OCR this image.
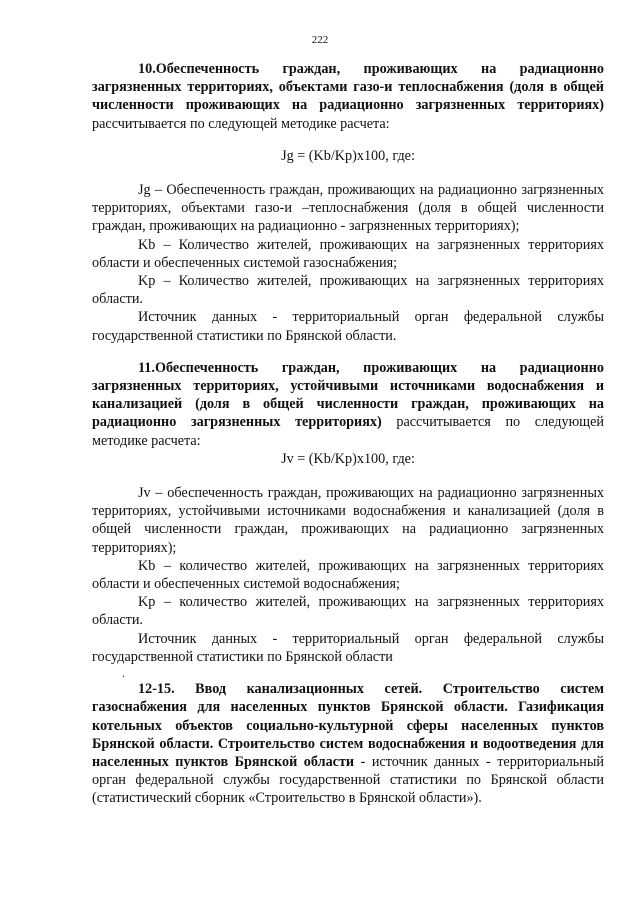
222

10.Обеспеченность граждан, проживающих на радиационно загрязненных территориях, объектами газо-и теплоснабжения (доля в общей численности проживающих на радиационно загрязненных территориях) рассчитывается по следующей методике расчета:

Jg = (Kb/Kp)x100, где:

Jg – Обеспеченность граждан, проживающих на радиационно загрязненных территориях, объектами газо-и –теплоснабжения (доля в общей численности граждан, проживающих на радиационно - загрязненных территориях);

Kb – Количество жителей, проживающих на загрязненных территориях области и обеспеченных системой газоснабжения;

Kp – Количество жителей, проживающих на загрязненных территориях области.

Источник данных - территориальный орган федеральной службы государственной статистики по Брянской области.

11.Обеспеченность граждан, проживающих на радиационно загрязненных территориях, устойчивыми источниками водоснабжения и канализацией (доля в общей численности граждан, проживающих на радиационно загрязненных территориях) рассчитывается по следующей методике расчета:

Jv = (Kb/Kp)x100, где:

Jv – обеспеченность граждан, проживающих на радиационно загрязненных территориях, устойчивыми источниками водоснабжения и канализацией (доля в общей численности граждан, проживающих на радиационно загрязненных территориях);

Kb – количество жителей, проживающих на загрязненных территориях области и обеспеченных системой водоснабжения;

Kp – количество жителей, проживающих на загрязненных территориях области.

Источник данных - территориальный орган федеральной службы государственной статистики по Брянской области

.

12-15. Ввод канализационных сетей. Строительство систем газоснабжения для населенных пунктов Брянской области. Газификация котельных объектов социально-культурной сферы населенных пунктов Брянской области. Строительство систем водоснабжения и водоотведения для населенных пунктов Брянской области - источник данных - территориальный орган федеральной службы государственной статистики по Брянской области (статистический сборник «Строительство в Брянской области»).
